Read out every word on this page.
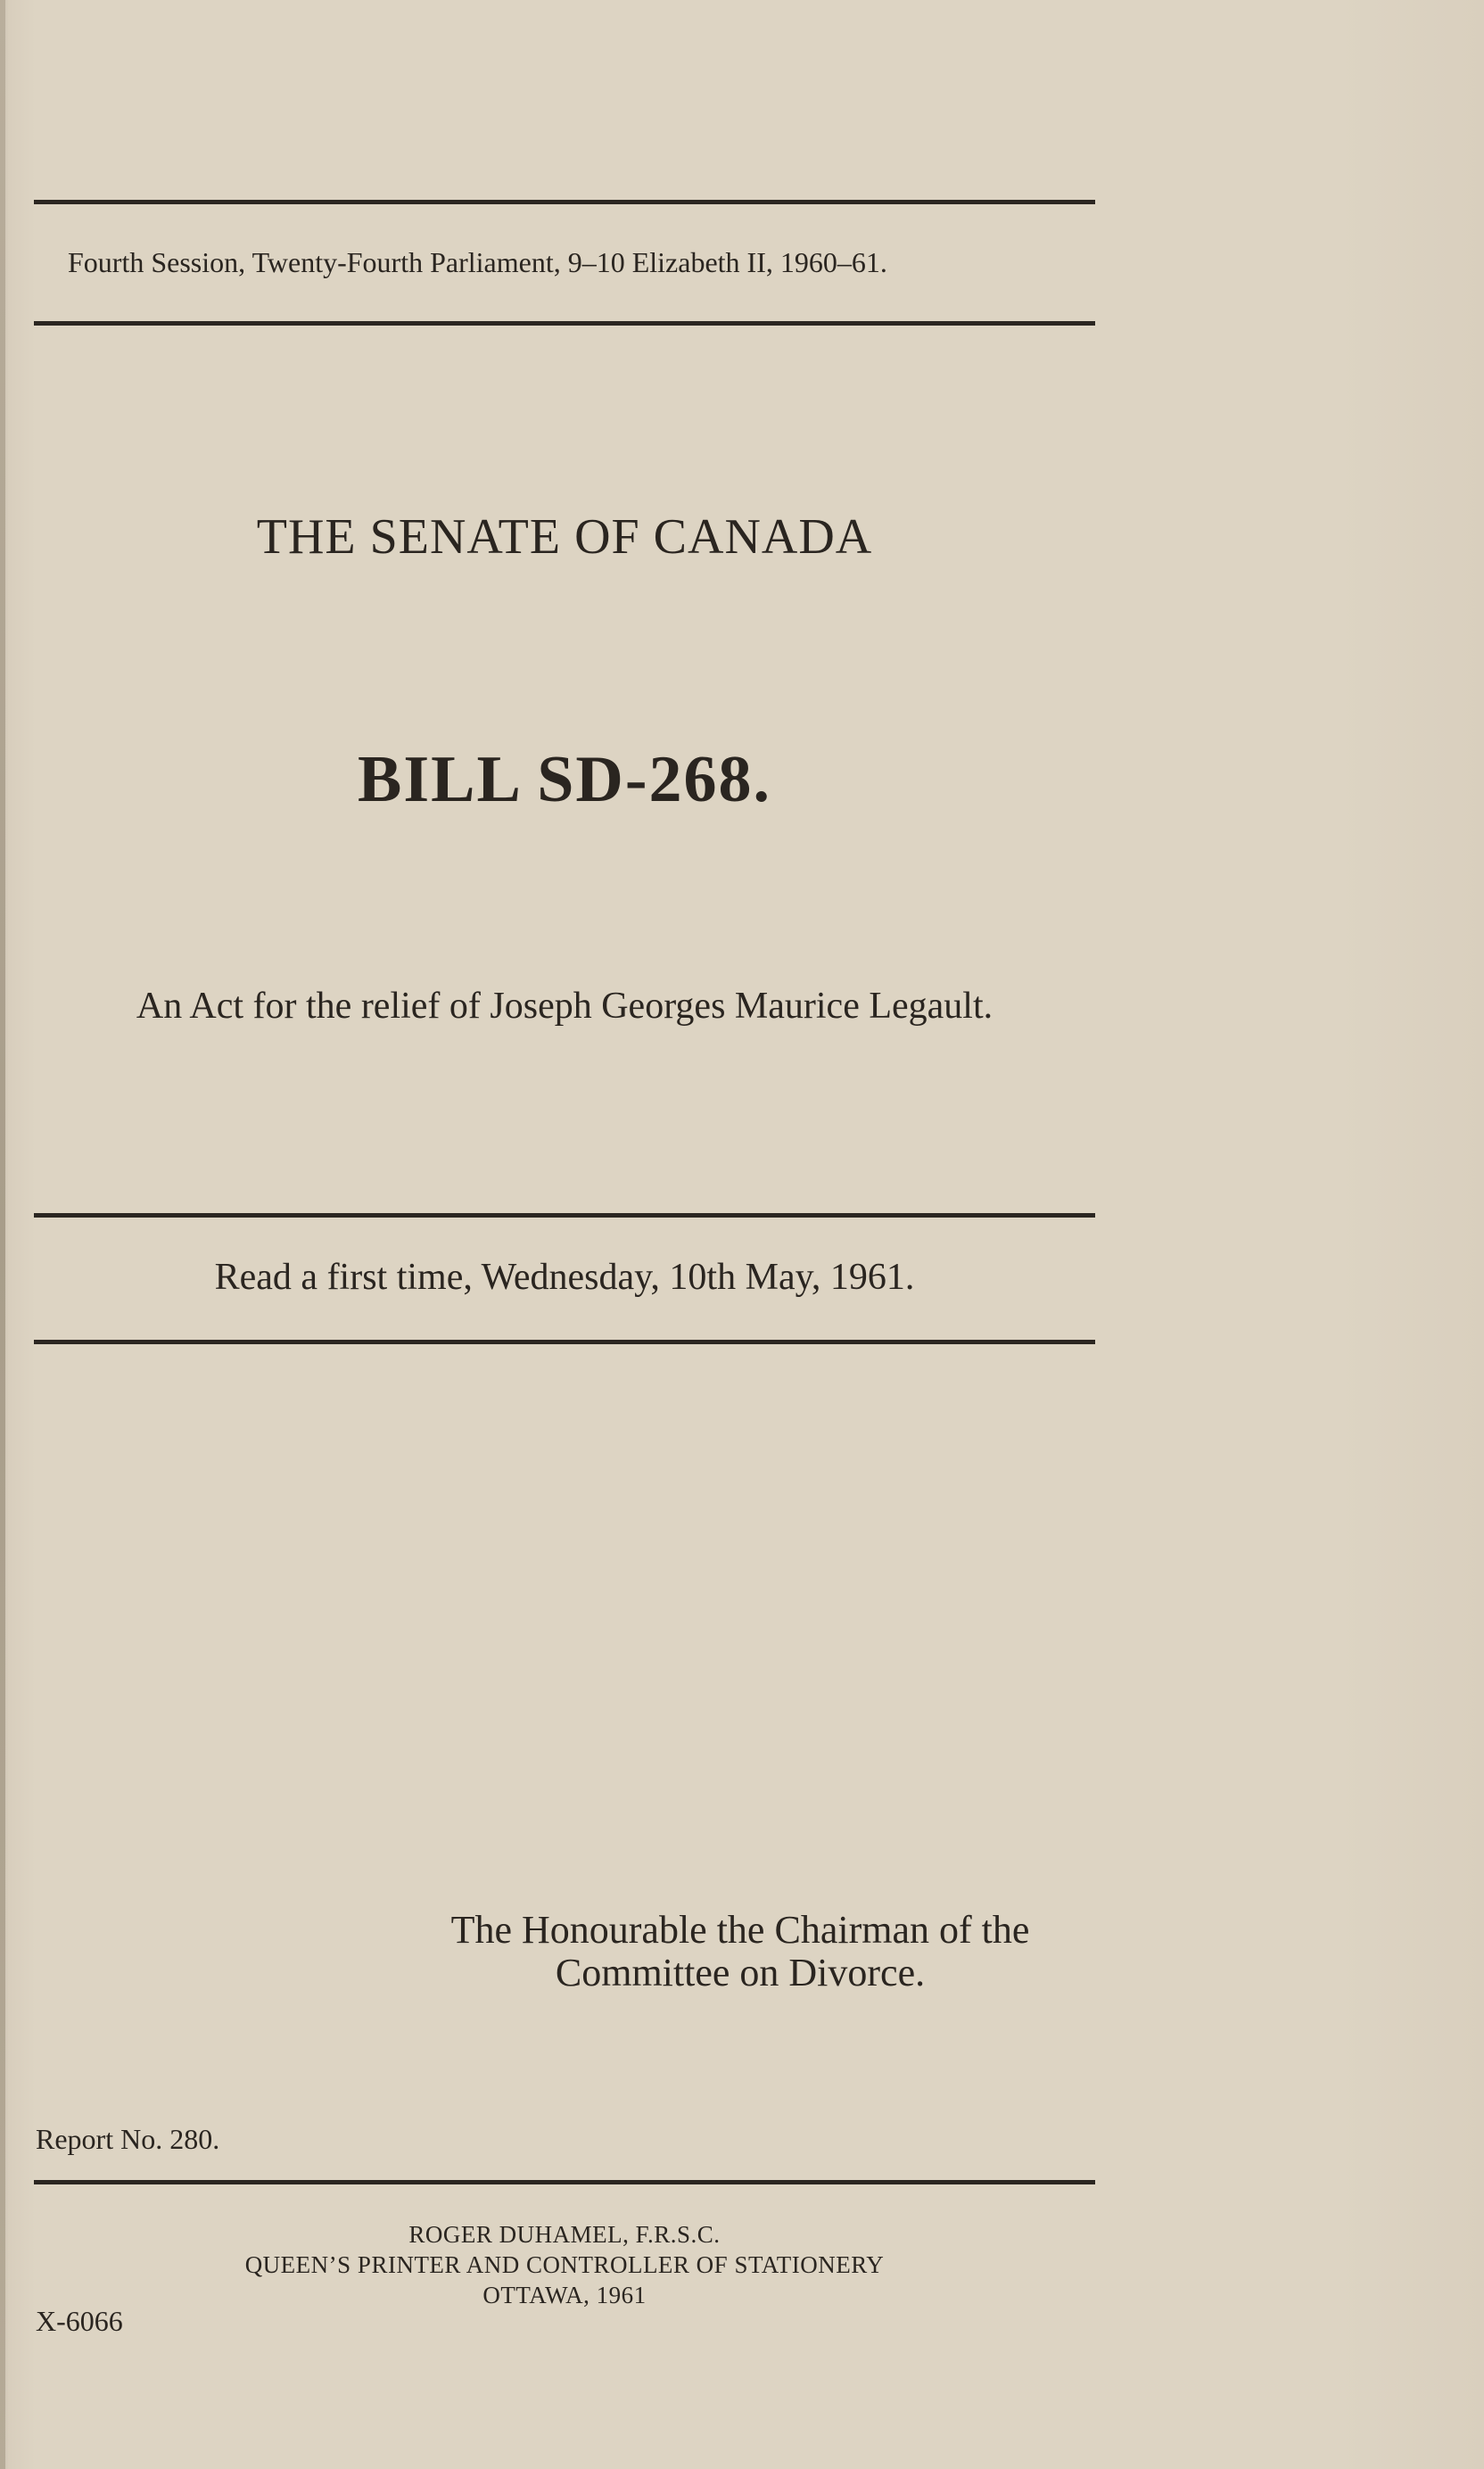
Fourth Session, Twenty-Fourth Parliament, 9–10 Elizabeth II, 1960–61.
THE SENATE OF CANADA
BILL SD-268.
An Act for the relief of Joseph Georges Maurice Legault.
Read a first time, Wednesday, 10th May, 1961.
The Honourable the Chairman of the
Committee on Divorce.
Report No. 280.
ROGER DUHAMEL, F.R.S.C.
QUEEN’S PRINTER AND CONTROLLER OF STATIONERY
OTTAWA, 1961
X-6066
